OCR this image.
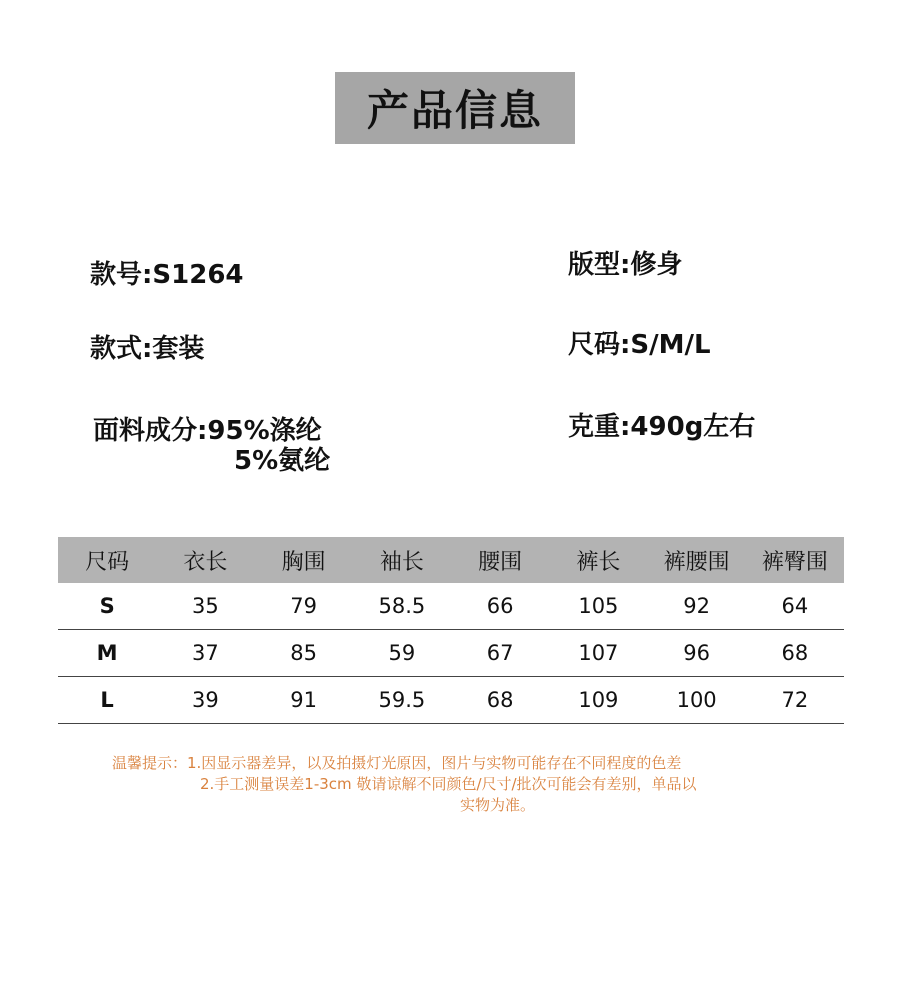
产品信息
款号 : S1264	版型 : 修身
款式 : 套装	尺码 : S/M/L
面料成分 : 95%涤纶
5%氨纶
克重 : 490g左右
尺码	衣长	胸围	袖长	腰围	裤长	裤腰围	裤臀围
S	35	79	58.5	66	105	92	64
M	37	85	59	67	107	96	68
L	39	91	59.5	68	109	100	72
温馨提示：1.因显示器差异，以及拍摄灯光原因，图片与实物可能存在不同程度的色差
2.手工测量误差1-3cm 敬请谅解不同颜色/尺寸/批次可能会有差别，单品以
实物为准。
